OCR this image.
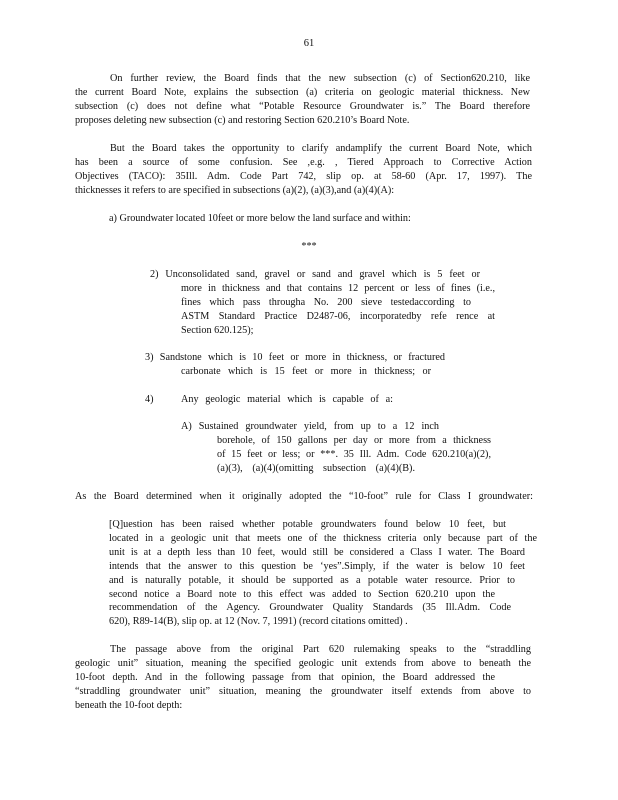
61
On further review, the Board finds that the new subsection (c) of Section620.210, like
the current Board Note, explains the subsection (a) criteria on geologic material thickness. New
subsection (c) does not define what “Potable Resource Groundwater is.” The Board therefore
proposes deleting new subsection (c) and restoring Section 620.210’s Board Note.
But the Board takes the opportunity to clarify andamplify the current Board Note, which
has been a source of some confusion. See ,e.g. , Tiered Approach to Corrective Action
Objectives (TACO): 35Ill. Adm. Code Part 742, slip op. at 58-60 (Apr. 17, 1997). The
thicknesses it refers to are specified in subsections (a)(2), (a)(3),and (a)(4)(A):
a) Groundwater located 10feet or more below the land surface and within:
***
2) Unconsolidated sand, gravel or sand and gravel which is 5 feet or
more in thickness and that contains 12 percent or less of fines (i.e.,
fines which pass througha No. 200 sieve testedaccording to
ASTM Standard Practice D2487-06, incorporatedby refe rence at
Section 620.125);
3) Sandstone which is 10 feet or more in thickness, or fractured
carbonate which is 15 feet or more in thickness; or
4)	Any geologic material which is capable of a:
A) Sustained groundwater yield, from up to a 12 inch
borehole, of 150 gallons per day or more from a thickness
of 15 feet or less; or ***. 35 Ill. Adm. Code 620.210(a)(2),
(a)(3), (a)(4)(omitting subsection (a)(4)(B).
As the Board determined when it originally adopted the “10-foot” rule for Class I groundwater:
[Q]uestion has been raised whether potable groundwaters found below 10 feet, but
located in a geologic unit that meets one of the thickness criteria only because part of the
unit is at a depth less than 10 feet, would still be considered a Class I water. The Board
intends that the answer to this question be ‘yes”.Simply, if the water is below 10 feet
and is naturally potable, it should be supported as a potable water resource. Prior to
second notice a Board note to this effect was added to Section 620.210 upon the
recommendation of the Agency. Groundwater Quality Standards (35 Ill.Adm. Code
620), R89-14(B), slip op. at 12 (Nov. 7, 1991) (record citations omitted) .
The passage above from the original Part 620 rulemaking speaks to the “straddling
geologic unit” situation, meaning the specified geologic unit extends from above to beneath the
10-foot depth. And in the following passage from that opinion, the Board addressed the
“straddling groundwater unit” situation, meaning the groundwater itself extends from above to
beneath the 10-foot depth:
